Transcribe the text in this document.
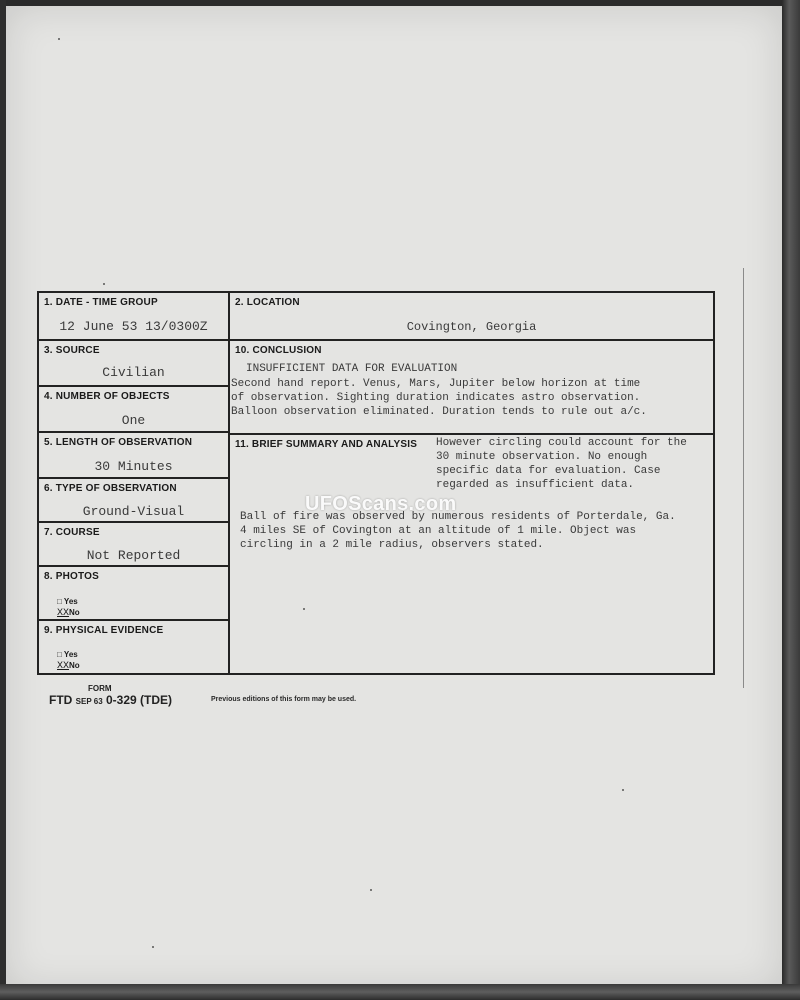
1. DATE - TIME GROUP
12 June 53 13/0300Z
3. SOURCE
Civilian
4. NUMBER OF OBJECTS
One
5. LENGTH OF OBSERVATION
30 Minutes
6. TYPE OF OBSERVATION
Ground-Visual
7. COURSE
Not Reported
8. PHOTOS
□ Yes
XXNo
9. PHYSICAL EVIDENCE
□ Yes
XXNo
2. LOCATION
Covington, Georgia
10. CONCLUSION
INSUFFICIENT DATA FOR EVALUATION
Second hand report. Venus, Mars, Jupiter below horizon at time
of observation. Sighting duration indicates astro observation.
Balloon observation eliminated. Duration tends to rule out a/c.
11. BRIEF SUMMARY AND ANALYSIS However circling could account for the
30 minute observation. No enough
specific data for evaluation. Case
regarded as insufficient data.
Ball of fire was observed by numerous residents of Porterdale, Ga.
4 miles SE of Covington at an altitude of 1 mile. Object was
circling in a 2 mile radius, observers stated.
FORM
FTD SEP 63 0-329 (TDE)	Previous editions of this form may be used.
UFOScans.com
